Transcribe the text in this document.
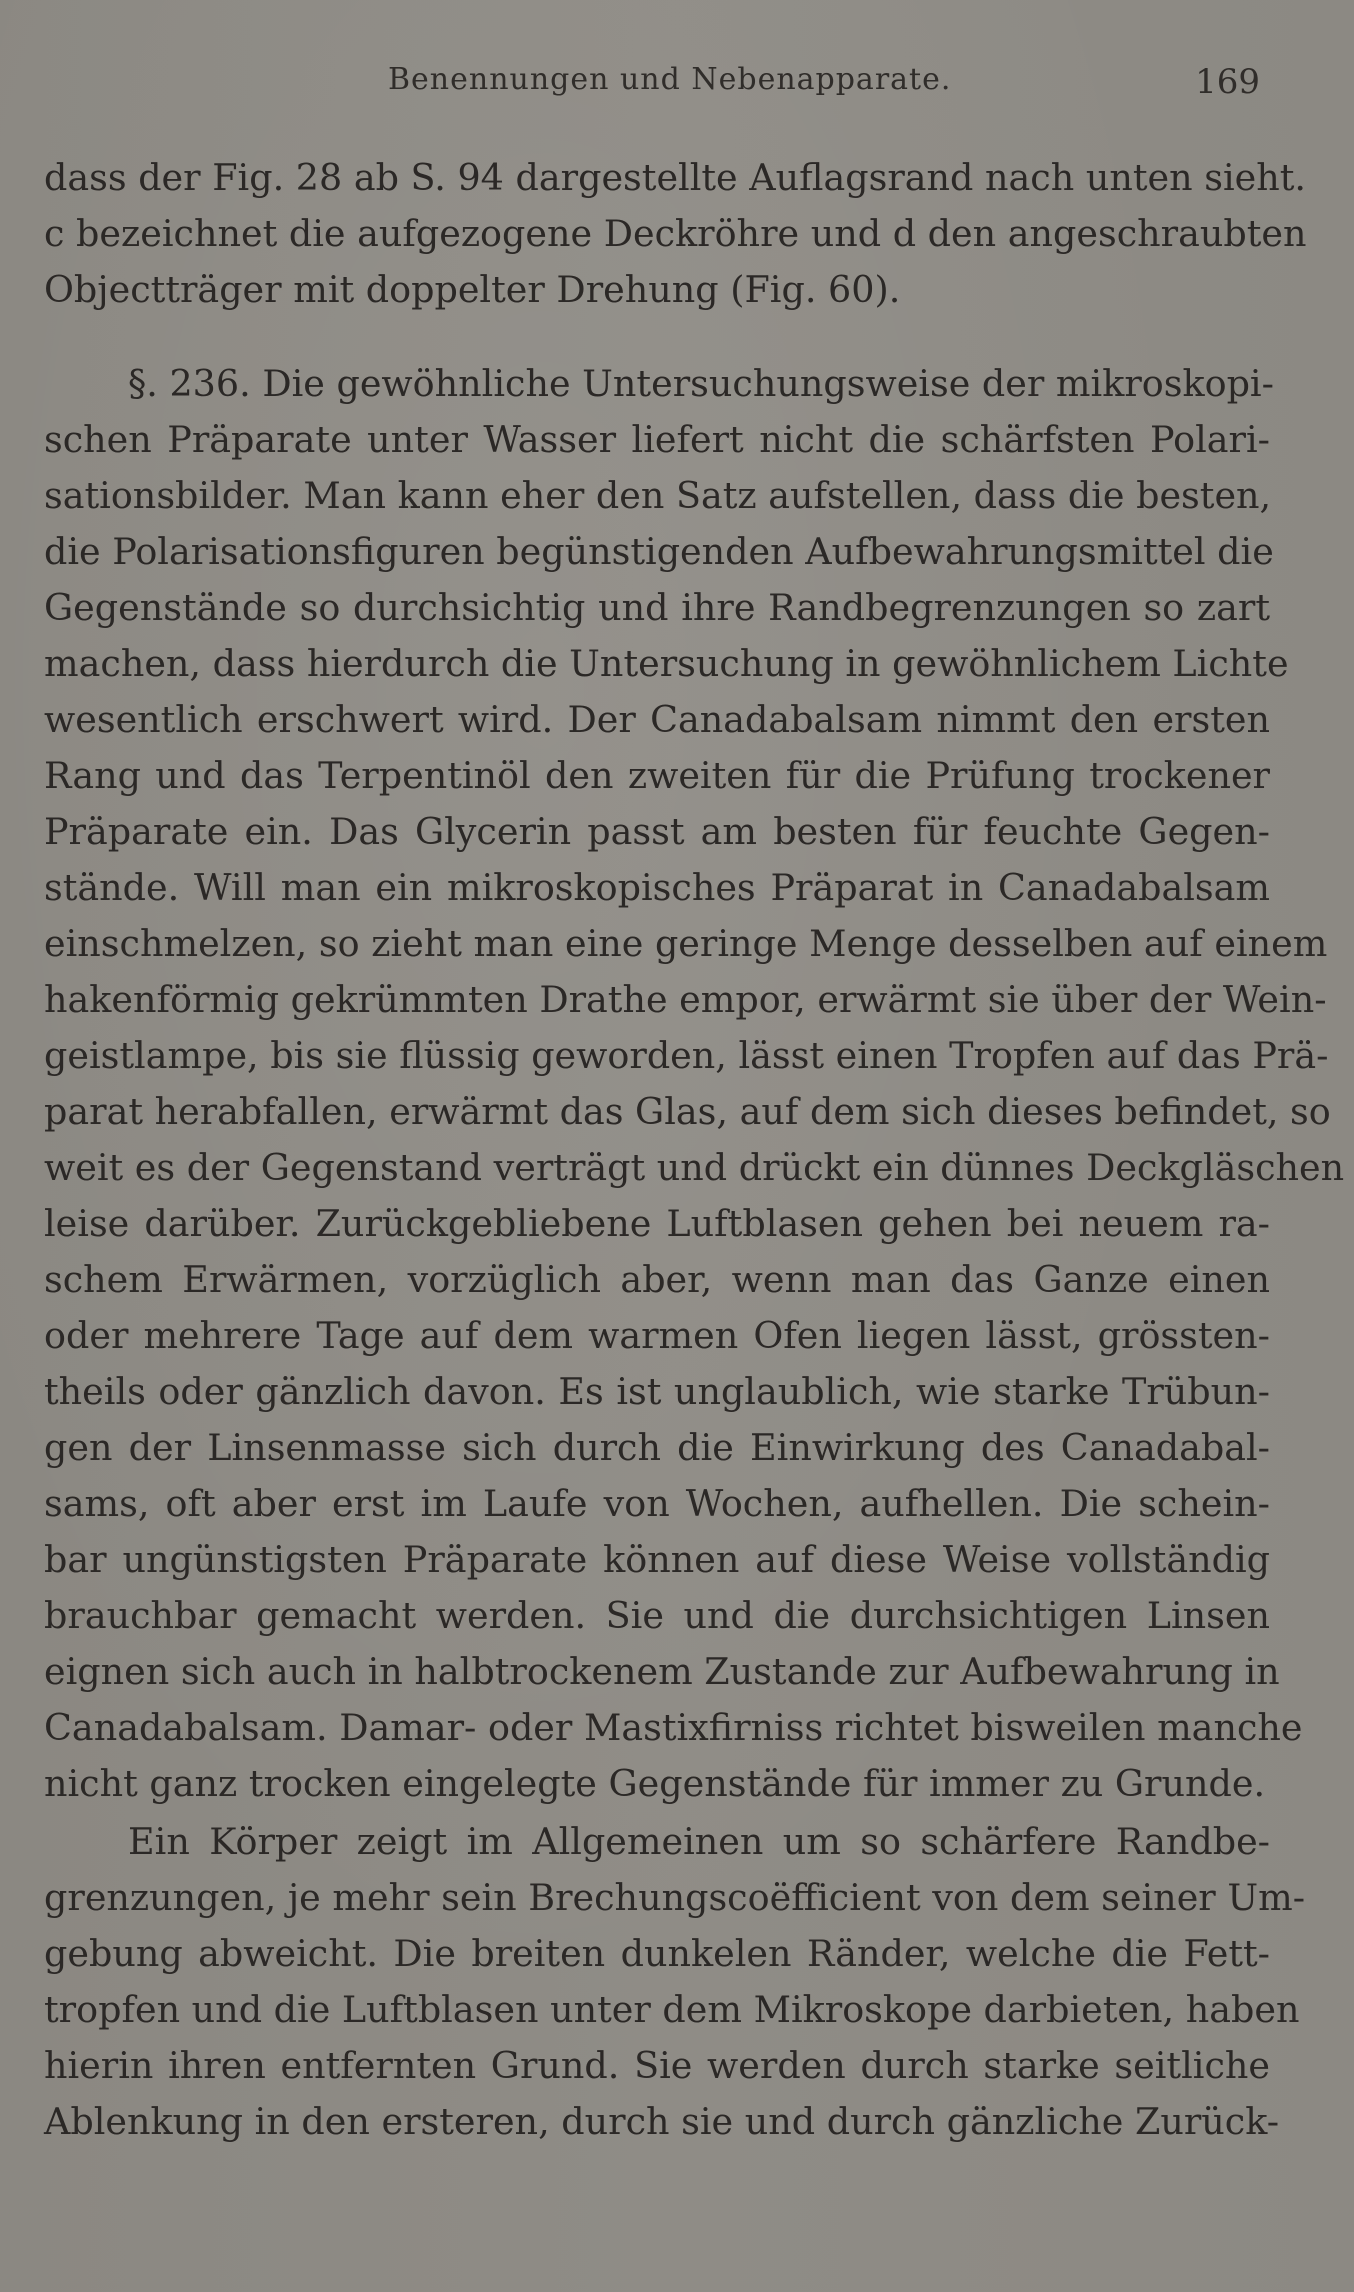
Benennungen und Nebenapparate.	169
dass der Fig. 28 ab S. 94 dargestellte Auflagsrand nach unten sieht.
c bezeichnet die aufgezogene Deckröhre und d den angeschraubten
Objectträger mit doppelter Drehung (Fig. 60).
§. 236. Die gewöhnliche Untersuchungsweise der mikroskopi-
schen Präparate unter Wasser liefert nicht die schärfsten Polari-
sationsbilder. Man kann eher den Satz aufstellen, dass die besten,
die Polarisationsfiguren begünstigenden Aufbewahrungsmittel die
Gegenstände so durchsichtig und ihre Randbegrenzungen so zart
machen, dass hierdurch die Untersuchung in gewöhnlichem Lichte
wesentlich erschwert wird. Der Canadabalsam nimmt den ersten
Rang und das Terpentinöl den zweiten für die Prüfung trockener
Präparate ein. Das Glycerin passt am besten für feuchte Gegen-
stände. Will man ein mikroskopisches Präparat in Canadabalsam
einschmelzen, so zieht man eine geringe Menge desselben auf einem
hakenförmig gekrümmten Drathe empor, erwärmt sie über der Wein-
geistlampe, bis sie flüssig geworden, lässt einen Tropfen auf das Prä-
parat herabfallen, erwärmt das Glas, auf dem sich dieses befindet, so
weit es der Gegenstand verträgt und drückt ein dünnes Deckgläschen
leise darüber. Zurückgebliebene Luftblasen gehen bei neuem ra-
schem Erwärmen, vorzüglich aber, wenn man das Ganze einen
oder mehrere Tage auf dem warmen Ofen liegen lässt, grössten-
theils oder gänzlich davon. Es ist unglaublich, wie starke Trübun-
gen der Linsenmasse sich durch die Einwirkung des Canadabal-
sams, oft aber erst im Laufe von Wochen, aufhellen. Die schein-
bar ungünstigsten Präparate können auf diese Weise vollständig
brauchbar gemacht werden. Sie und die durchsichtigen Linsen
eignen sich auch in halbtrockenem Zustande zur Aufbewahrung in
Canadabalsam. Damar- oder Mastixfirniss richtet bisweilen manche
nicht ganz trocken eingelegte Gegenstände für immer zu Grunde.
Ein Körper zeigt im Allgemeinen um so schärfere Randbe-
grenzungen, je mehr sein Brechungscoëfficient von dem seiner Um-
gebung abweicht. Die breiten dunkelen Ränder, welche die Fett-
tropfen und die Luftblasen unter dem Mikroskope darbieten, haben
hierin ihren entfernten Grund. Sie werden durch starke seitliche
Ablenkung in den ersteren, durch sie und durch gänzliche Zurück-
